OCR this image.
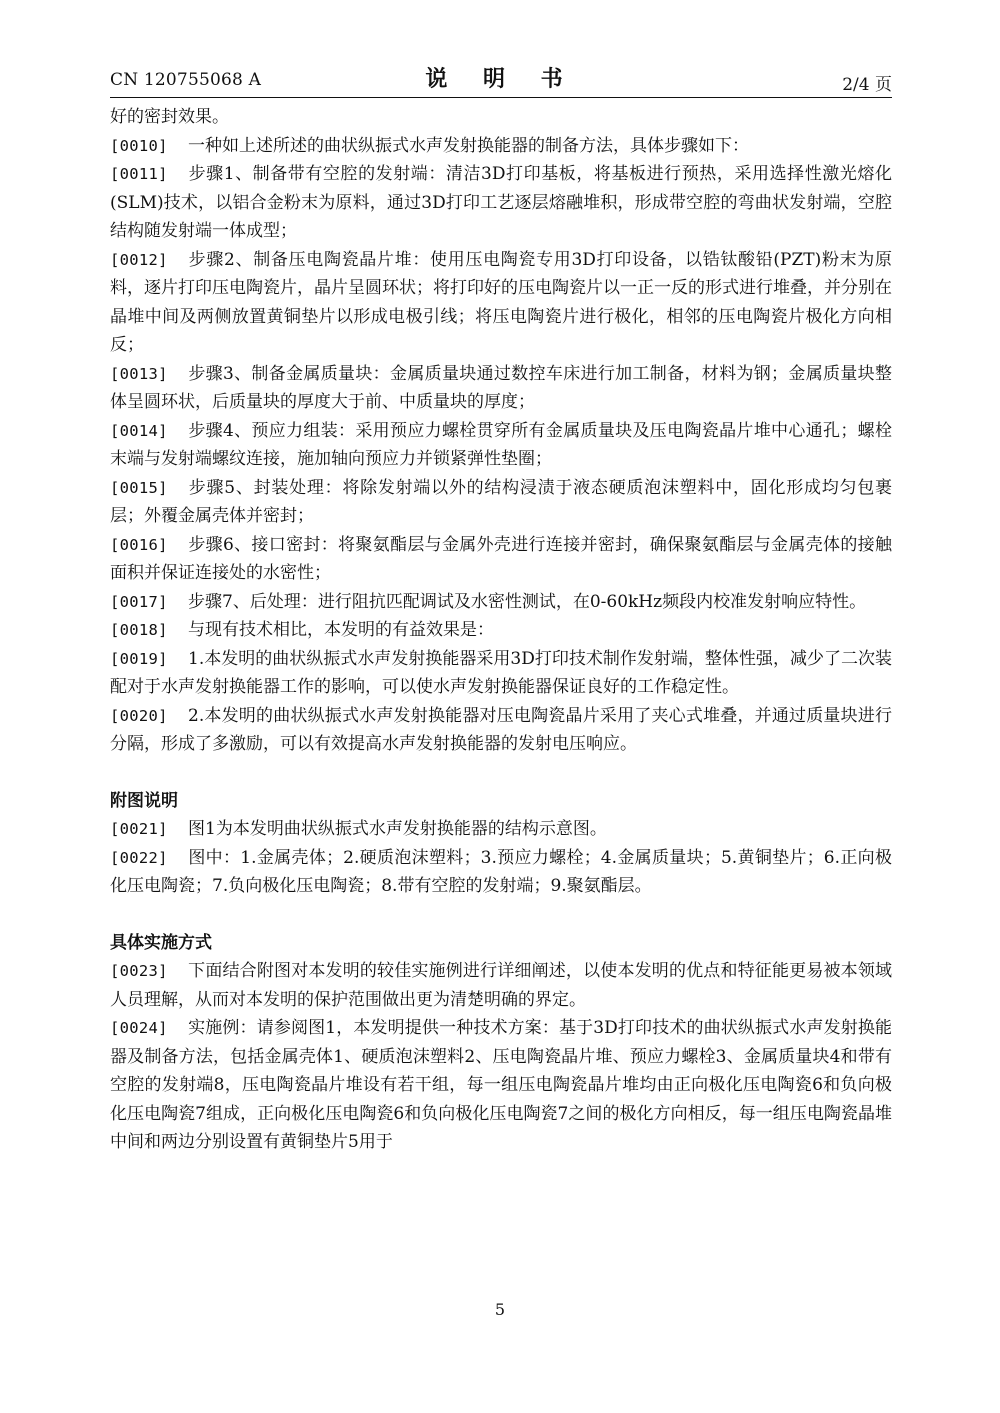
CN 120755068 A	说 明 书	2/4 页

好的密封效果。

[0010] 一种如上述所述的曲状纵振式水声发射换能器的制备方法，具体步骤如下：

[0011] 步骤1、制备带有空腔的发射端：清洁3D打印基板，将基板进行预热，采用选择性激光熔化(SLM)技术，以铝合金粉末为原料，通过3D打印工艺逐层熔融堆积，形成带空腔的弯曲状发射端，空腔结构随发射端一体成型；

[0012] 步骤2、制备压电陶瓷晶片堆：使用压电陶瓷专用3D打印设备，以锆钛酸铅(PZT)粉末为原料，逐片打印压电陶瓷片，晶片呈圆环状；将打印好的压电陶瓷片以一正一反的形式进行堆叠，并分别在晶堆中间及两侧放置黄铜垫片以形成电极引线；将压电陶瓷片进行极化，相邻的压电陶瓷片极化方向相反；

[0013] 步骤3、制备金属质量块：金属质量块通过数控车床进行加工制备，材料为钢；金属质量块整体呈圆环状，后质量块的厚度大于前、中质量块的厚度；

[0014] 步骤4、预应力组装：采用预应力螺栓贯穿所有金属质量块及压电陶瓷晶片堆中心通孔；螺栓末端与发射端螺纹连接，施加轴向预应力并锁紧弹性垫圈；

[0015] 步骤5、封装处理：将除发射端以外的结构浸渍于液态硬质泡沫塑料中，固化形成均匀包裹层；外覆金属壳体并密封；

[0016] 步骤6、接口密封：将聚氨酯层与金属外壳进行连接并密封，确保聚氨酯层与金属壳体的接触面积并保证连接处的水密性；

[0017] 步骤7、后处理：进行阻抗匹配调试及水密性测试，在0-60kHz频段内校准发射响应特性。

[0018] 与现有技术相比，本发明的有益效果是：

[0019] 1.本发明的曲状纵振式水声发射换能器采用3D打印技术制作发射端，整体性强，减少了二次装配对于水声发射换能器工作的影响，可以使水声发射换能器保证良好的工作稳定性。

[0020] 2.本发明的曲状纵振式水声发射换能器对压电陶瓷晶片采用了夹心式堆叠，并通过质量块进行分隔，形成了多激励，可以有效提高水声发射换能器的发射电压响应。

附图说明

[0021] 图1为本发明曲状纵振式水声发射换能器的结构示意图。

[0022] 图中：1.金属壳体；2.硬质泡沫塑料；3.预应力螺栓；4.金属质量块；5.黄铜垫片；6.正向极化压电陶瓷；7.负向极化压电陶瓷；8.带有空腔的发射端；9.聚氨酯层。

具体实施方式

[0023] 下面结合附图对本发明的较佳实施例进行详细阐述，以使本发明的优点和特征能更易被本领域人员理解，从而对本发明的保护范围做出更为清楚明确的界定。

[0024] 实施例：请参阅图1，本发明提供一种技术方案：基于3D打印技术的曲状纵振式水声发射换能器及制备方法，包括金属壳体1、硬质泡沫塑料2、压电陶瓷晶片堆、预应力螺栓3、金属质量块4和带有空腔的发射端8，压电陶瓷晶片堆设有若干组，每一组压电陶瓷晶片堆均由正向极化压电陶瓷6和负向极化压电陶瓷7组成，正向极化压电陶瓷6和负向极化压电陶瓷7之间的极化方向相反，每一组压电陶瓷晶堆中间和两边分别设置有黄铜垫片5用于

5
